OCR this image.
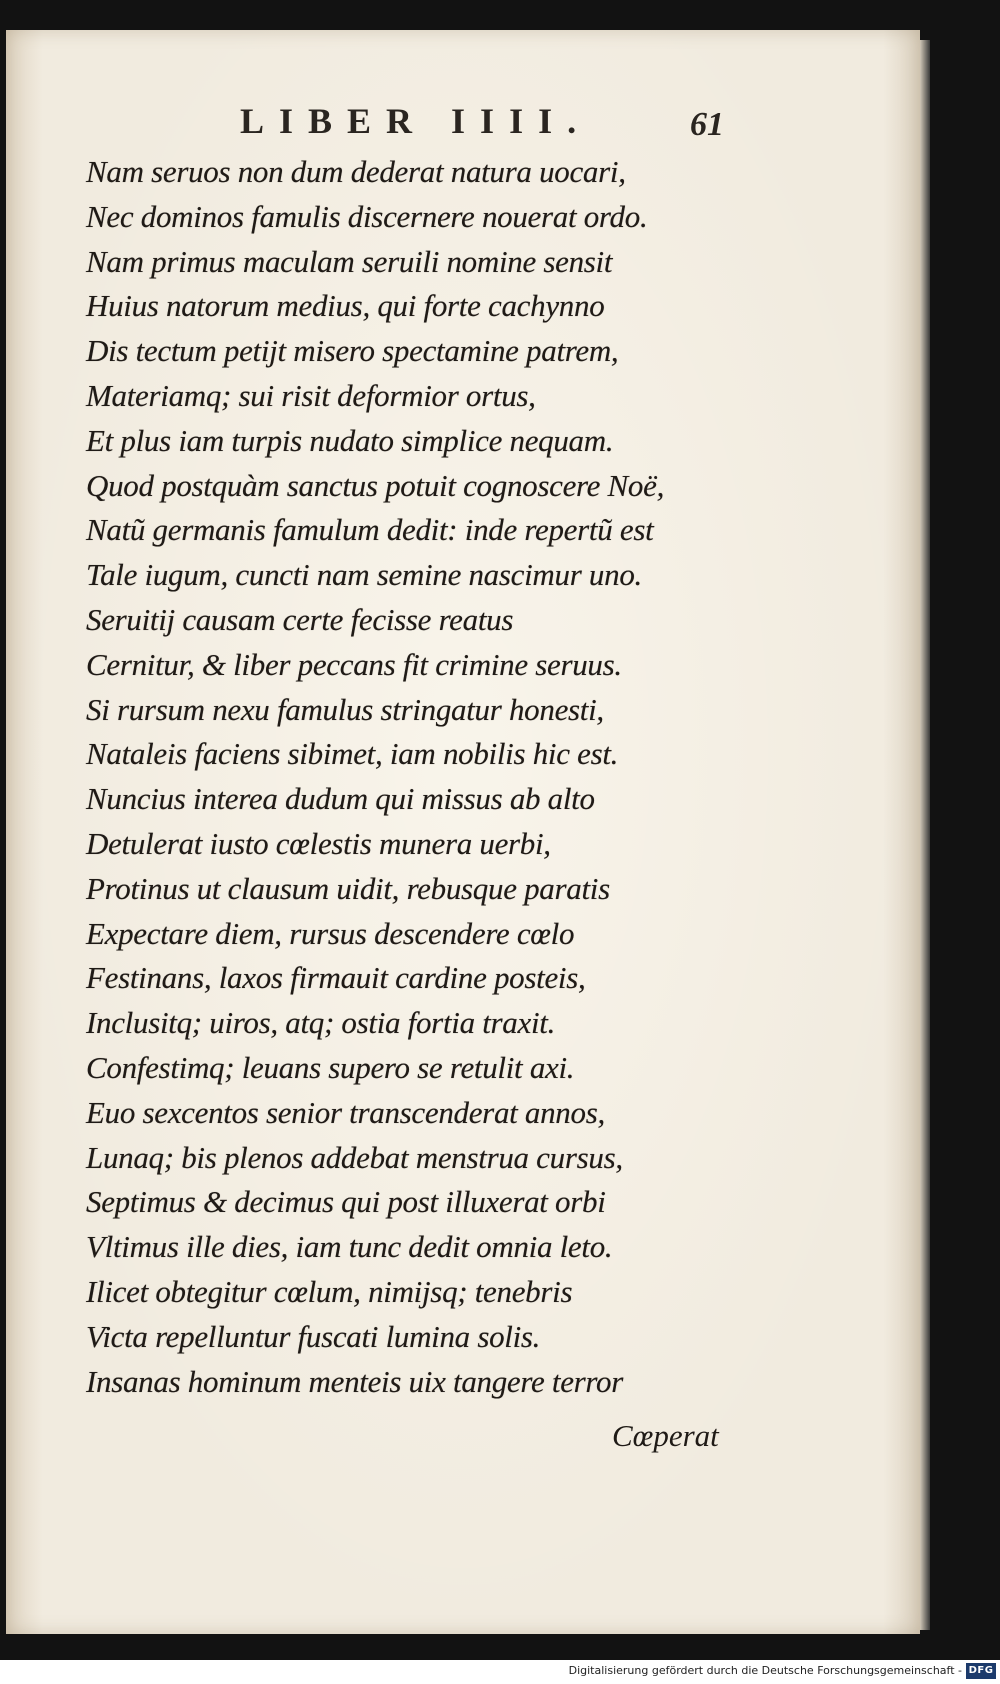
LIBER IIII.	61
Nam seruos non dum dederat natura uocari,
Nec dominos famulis discernere nouerat ordo.
Nam primus maculam seruili nomine sensit
Huius natorum medius, qui forte cachynno
Dis tectum petijt misero spectamine patrem,
Materiamq; sui risit deformior ortus,
Et plus iam turpis nudato simplice nequam.
Quod postquàm sanctus potuit cognoscere Noë,
Natũ germanis famulum dedit: inde repertũ est
Tale iugum, cuncti nam semine nascimur uno.
Seruitij causam certe fecisse reatus
Cernitur, & liber peccans fit crimine seruus.
Si rursum nexu famulus stringatur honesti,
Nataleis faciens sibimet, iam nobilis hic est.
Nuncius interea dudum qui missus ab alto
Detulerat iusto cœlestis munera uerbi,
Protinus ut clausum uidit, rebusque paratis
Expectare diem, rursus descendere cœlo
Festinans, laxos firmauit cardine posteis,
Inclusitq; uiros, atq; ostia fortia traxit.
Confestimq; leuans supero se retulit axi.
Euo sexcentos senior transcenderat annos,
Lunaq; bis plenos addebat menstrua cursus,
Septimus & decimus qui post illuxerat orbi
Vltimus ille dies, iam tunc dedit omnia leto.
Ilicet obtegitur cœlum, nimijsq; tenebris
Victa repelluntur fuscati lumina solis.
Insanas hominum menteis uix tangere terror
Cœperat
Digitalisierung gefördert durch die Deutsche Forschungsgemeinschaft - DFG
